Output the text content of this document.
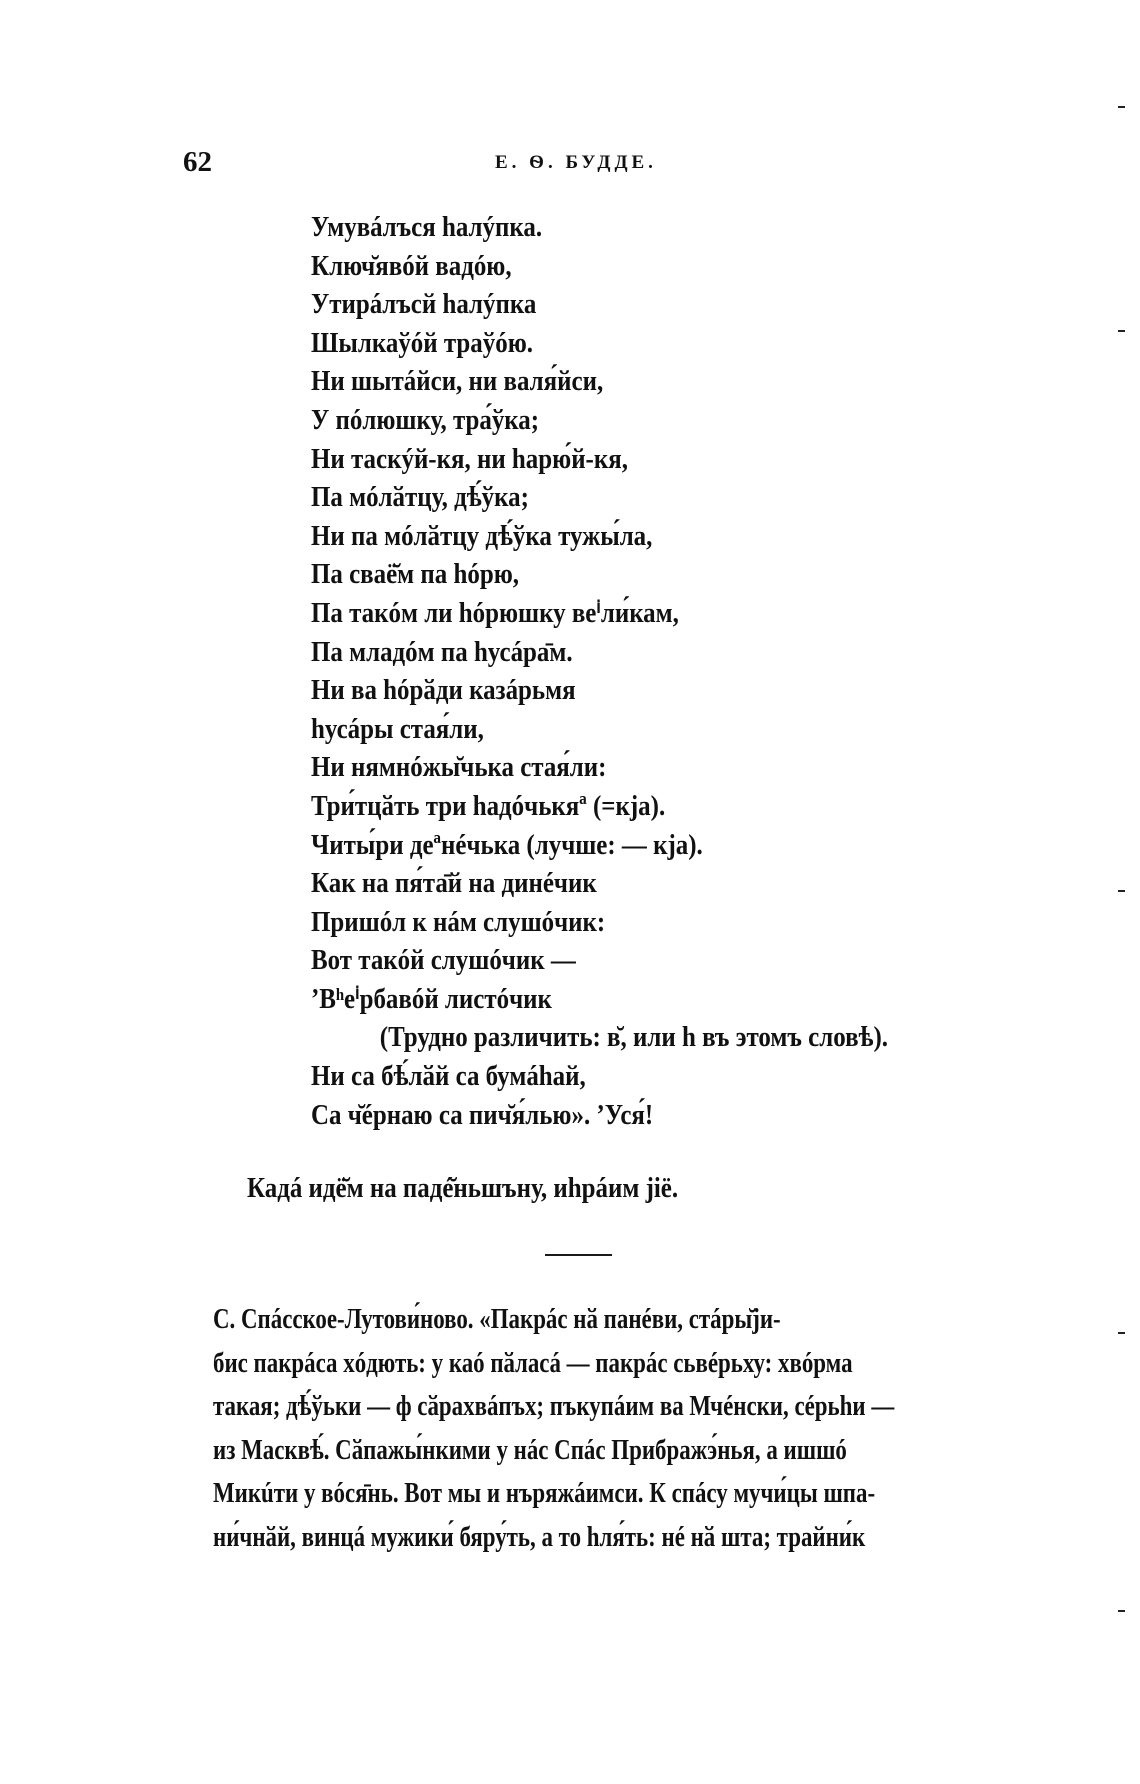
62	Е. Ѳ. БУДДЕ.
Умувáлъся hалýпка.
Ключ̆явóй вадóю,
Утирáлъсй hалýпка
Шылкаўóй траўóю.
Ни шытáйси, ни валя́йси,
У пóлюшку, тра́ўка;
Ни таскýй-кя, ни hарю́й-кя,
Па мóлӑтцу, дѣ́ўка;
Ни па мóлӑтцу дѣ́ўка тужы́ла,
Па сваё̆м па hóрю,
Па такóм ли hóрюшку веⁱли́кам,
Па младóм па hусáра̄м.
Ни ва hóрӑди казáрьмя
hусáры стая́ли,
Ни нямнóжы̆чька стая́ли:
Три́тцӑть три hадóчькяª (=кја).
Читы́ри деªнéчька (лучше: — кја).
Как на пя́та̄й на динéчик
Пришóл к нáм слушóчик:
Вот такóй слушóчик —
’Вʰеⁱрбавóй листóчик
(Трудно различить: в̆, или h въ этомъ словѣ).
Ни са бѣ́лӑй са бумáhай,
Са ч̆éрнаю са пич̆я́лью». ’Уся́!
Кадá идё̆м на падé̆ньшъну, иhрáим јiё.
С. Спáсское-Лутови́ново. «Пакрáс нӑ панéви, стáры̆ји-
бис пакрáса хóдють: у каó пӑласá — пакрáс сьвéрьху: хвóрма
такая; дѣ́ўьки — ф сӑрахвáпъх; пъкупáим ва Мчéнски, сéрьhи —
из Масквѣ́. Сӑпажы́нкими у нáс Спáс Прибражэ́нья, а ишшó
Микúти у вóся̄нь. Вот мы и нъряжáимси. К спáсу мучи́цы шпа-
ни́чнӑй, винцá мужики́ бяру́ть, а то hля́ть: нé нӑ шта; трайни́к
